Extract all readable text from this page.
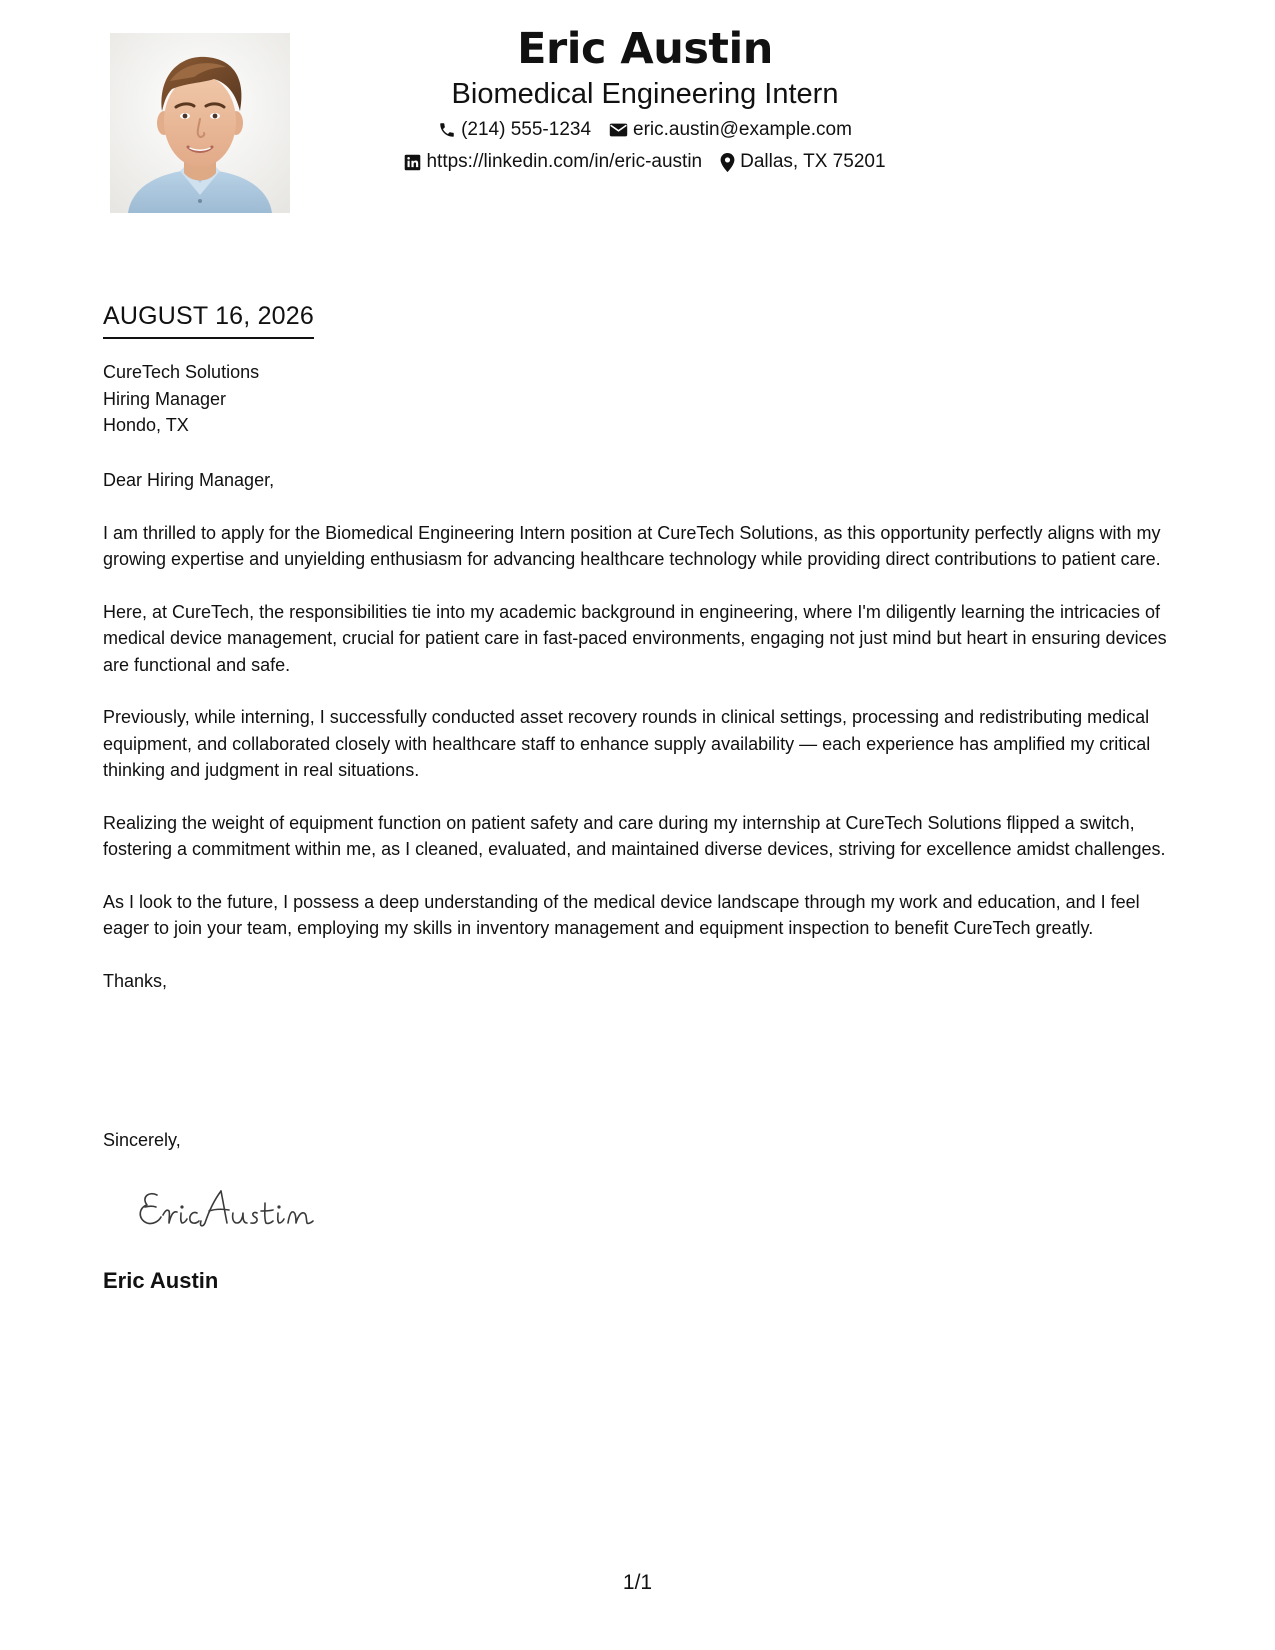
Eric Austin
Biomedical Engineering Intern
(214) 555-1234 eric.austin@example.com
https://linkedin.com/in/eric-austin Dallas, TX 75201
AUGUST 16, 2026
CureTech Solutions
Hiring Manager
Hondo, TX

Dear Hiring Manager,

I am thrilled to apply for the Biomedical Engineering Intern position at CureTech Solutions, as this opportunity perfectly aligns with my growing expertise and unyielding enthusiasm for advancing healthcare technology while providing direct contributions to patient care.

Here, at CureTech, the responsibilities tie into my academic background in engineering, where I'm diligently learning the intricacies of medical device management, crucial for patient care in fast-paced environments, engaging not just mind but heart in ensuring devices are functional and safe.

Previously, while interning, I successfully conducted asset recovery rounds in clinical settings, processing and redistributing medical equipment, and collaborated closely with healthcare staff to enhance supply availability — each experience has amplified my critical thinking and judgment in real situations.

Realizing the weight of equipment function on patient safety and care during my internship at CureTech Solutions flipped a switch, fostering a commitment within me, as I cleaned, evaluated, and maintained diverse devices, striving for excellence amidst challenges.

As I look to the future, I possess a deep understanding of the medical device landscape through my work and education, and I feel eager to join your team, employing my skills in inventory management and equipment inspection to benefit CureTech greatly.

Thanks,

Sincerely,
Eric Austin
1/1
